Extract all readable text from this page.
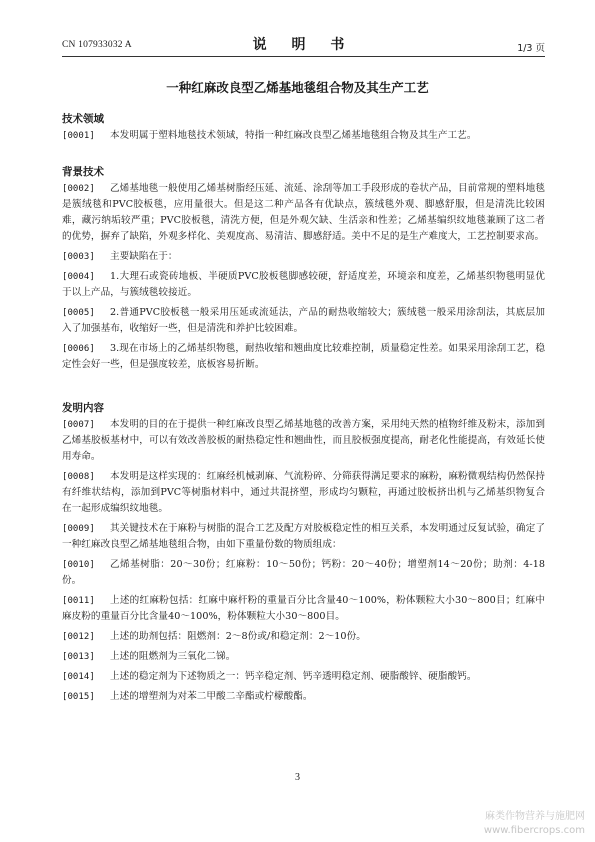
CN 107933032 A	说 明 书	1/3 页
一种红麻改良型乙烯基地毯组合物及其生产工艺
技术领域

[0001] 本发明属于塑料地毯技术领域，特指一种红麻改良型乙烯基地毯组合物及其生产工艺。

背景技术

[0002] 乙烯基地毯一般使用乙烯基树脂经压延、流延、涂刮等加工手段形成的卷状产品，目前常规的塑料地毯是簇绒毯和PVC胶板毯，应用量很大。但是这二种产品各有优缺点，簇绒毯外观、脚感舒服，但是清洗比较困难，藏污纳垢较严重；PVC胶板毯，清洗方便，但是外观欠缺、生活亲和性差；乙烯基编织纹地毯兼顾了这二者的优势，摒弃了缺陷，外观多样化、美观度高、易清洁、脚感舒适。美中不足的是生产难度大，工艺控制要求高。

[0003] 主要缺陷在于：

[0004] 1.大理石或瓷砖地板、半硬质PVC胶板毯脚感较硬，舒适度差，环境亲和度差，乙烯基织物毯明显优于以上产品，与簇绒毯较接近。

[0005] 2.普通PVC胶板毯一般采用压延或流延法，产品的耐热收缩较大；簇绒毯一般采用涂刮法，其底层加入了加强基布，收缩好一些，但是清洗和养护比较困难。

[0006] 3.现在市场上的乙烯基织物毯，耐热收缩和翘曲度比较难控制，质量稳定性差。如果采用涂刮工艺，稳定性会好一些，但是强度较差，底板容易折断。

发明内容

[0007] 本发明的目的在于提供一种红麻改良型乙烯基地毯的改善方案，采用纯天然的植物纤维及粉末，添加到乙烯基胶板基材中，可以有效改善胶板的耐热稳定性和翘曲性，而且胶板强度提高，耐老化性能提高，有效延长使用寿命。

[0008] 本发明是这样实现的：红麻经机械剥麻、气流粉碎、分筛获得满足要求的麻粉，麻粉微观结构仍然保持有纤维状结构，添加到PVC等树脂材料中，通过共混挤塑，形成均匀颗粒，再通过胶板挤出机与乙烯基织物复合在一起形成编织纹地毯。

[0009] 其关键技术在于麻粉与树脂的混合工艺及配方对胶板稳定性的相互关系，本发明通过反复试验，确定了一种红麻改良型乙烯基地毯组合物，由如下重量份数的物质组成：

[0010] 乙烯基树脂：20～30份；红麻粉：10～50份；钙粉：20～40份；增塑剂14～20份；助剂：4-18份。

[0011] 上述的红麻粉包括：红麻中麻杆粉的重量百分比含量40～100%，粉体颗粒大小30～800目；红麻中麻皮粉的重量百分比含量40～100%，粉体颗粒大小30～800目。

[0012] 上述的助剂包括：阻燃剂：2～8份或/和稳定剂：2～10份。

[0013] 上述的阻燃剂为三氧化二锑。

[0014] 上述的稳定剂为下述物质之一：钙辛稳定剂、钙辛透明稳定剂、硬脂酸锌、硬脂酸钙。

[0015] 上述的增塑剂为对苯二甲酸二辛酯或柠檬酸酯。

3
麻类作物营养与施肥网
www.fibercrops.com
